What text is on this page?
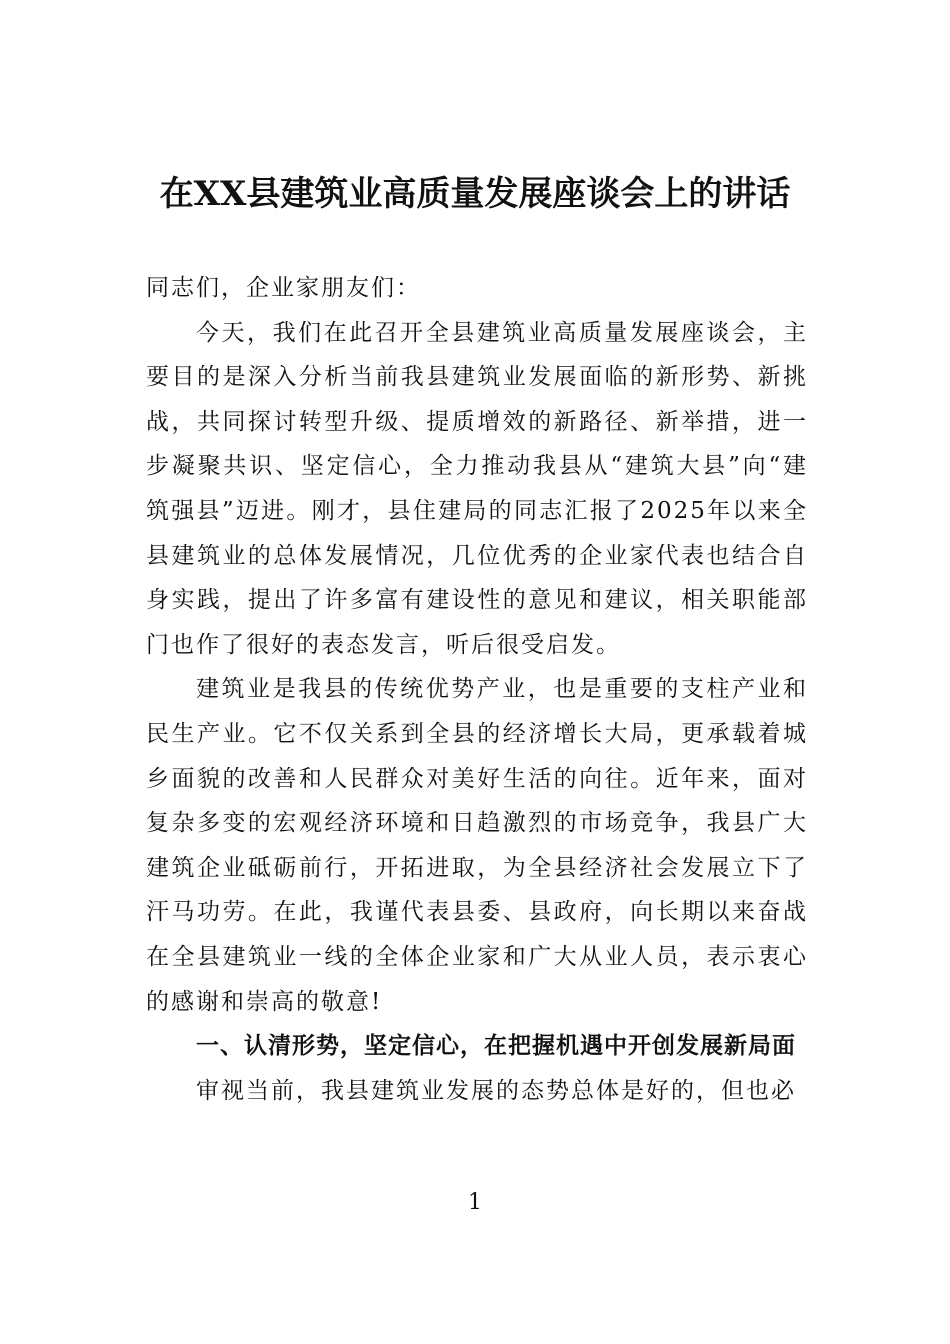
在XX县建筑业高质量发展座谈会上的讲话

同志们，企业家朋友们：

今天，我们在此召开全县建筑业高质量发展座谈会，主要目的是深入分析当前我县建筑业发展面临的新形势、新挑战，共同探讨转型升级、提质增效的新路径、新举措，进一步凝聚共识、坚定信心，全力推动我县从“建筑大县”向“建筑强县”迈进。刚才，县住建局的同志汇报了2025年以来全县建筑业的总体发展情况，几位优秀的企业家代表也结合自身实践，提出了许多富有建设性的意见和建议，相关职能部门也作了很好的表态发言，听后很受启发。

建筑业是我县的传统优势产业，也是重要的支柱产业和民生产业。它不仅关系到全县的经济增长大局，更承载着城乡面貌的改善和人民群众对美好生活的向往。近年来，面对复杂多变的宏观经济环境和日趋激烈的市场竞争，我县广大建筑企业砥砺前行，开拓进取，为全县经济社会发展立下了汗马功劳。在此，我谨代表县委、县政府，向长期以来奋战在全县建筑业一线的全体企业家和广大从业人员，表示衷心的感谢和崇高的敬意!

一、认清形势，坚定信心，在把握机遇中开创发展新局面

审视当前，我县建筑业发展的态势总体是好的，但也必

1
